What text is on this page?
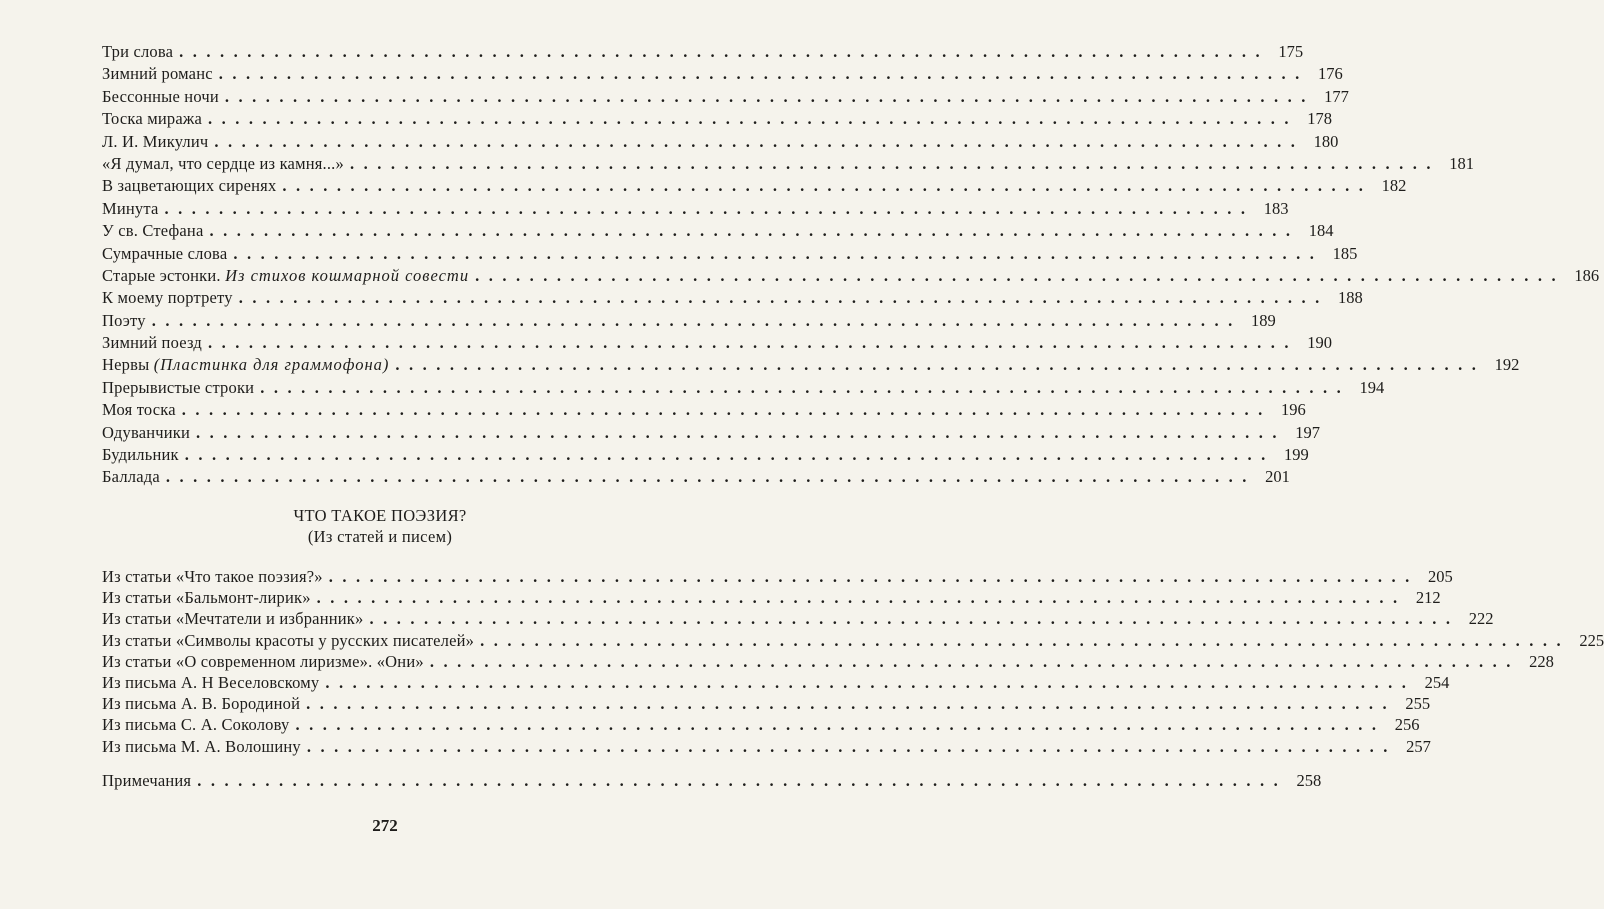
Три слова ................................................................................ 175
Зимний романс ................................................................................ 176
Бессонные ночи ................................................................................ 177
Тоска миража ................................................................................ 178
Л. И. Микулич ................................................................................ 180
«Я думал, что сердце из камня...» ................................................................................ 181
В зацветающих сиренях ................................................................................ 182
Минута ................................................................................ 183
У св. Стефана ................................................................................ 184
Сумрачные слова ................................................................................ 185
Старые эстонки. Из стихов кошмарной совести ................................................................................ 186
К моему портрету ................................................................................ 188
Поэту ................................................................................ 189
Зимний поезд ................................................................................ 190
Нервы (Пластинка для граммофона) ................................................................................ 192
Прерывистые строки ................................................................................ 194
Моя тоска ................................................................................ 196
Одуванчики ................................................................................ 197
Будильник ................................................................................ 199
Баллада ................................................................................ 201
ЧТО ТАКОЕ ПОЭЗИЯ?
(Из статей и писем)
Из статьи «Что такое поэзия?» ................................................................................ 205
Из статьи «Бальмонт-лирик» ................................................................................ 212
Из статьи «Мечтатели и избранник» ................................................................................ 222
Из статьи «Символы красоты у русских писателей» ................................................................................ 225
Из статьи «О современном лиризме». «Они» ................................................................................ 228
Из письма А. Н Веселовскому ................................................................................ 254
Из письма А. В. Бородиной ................................................................................ 255
Из письма С. А. Соколову ................................................................................ 256
Из письма М. А. Волошину ................................................................................ 257
Примечания ................................................................................ 258
272
